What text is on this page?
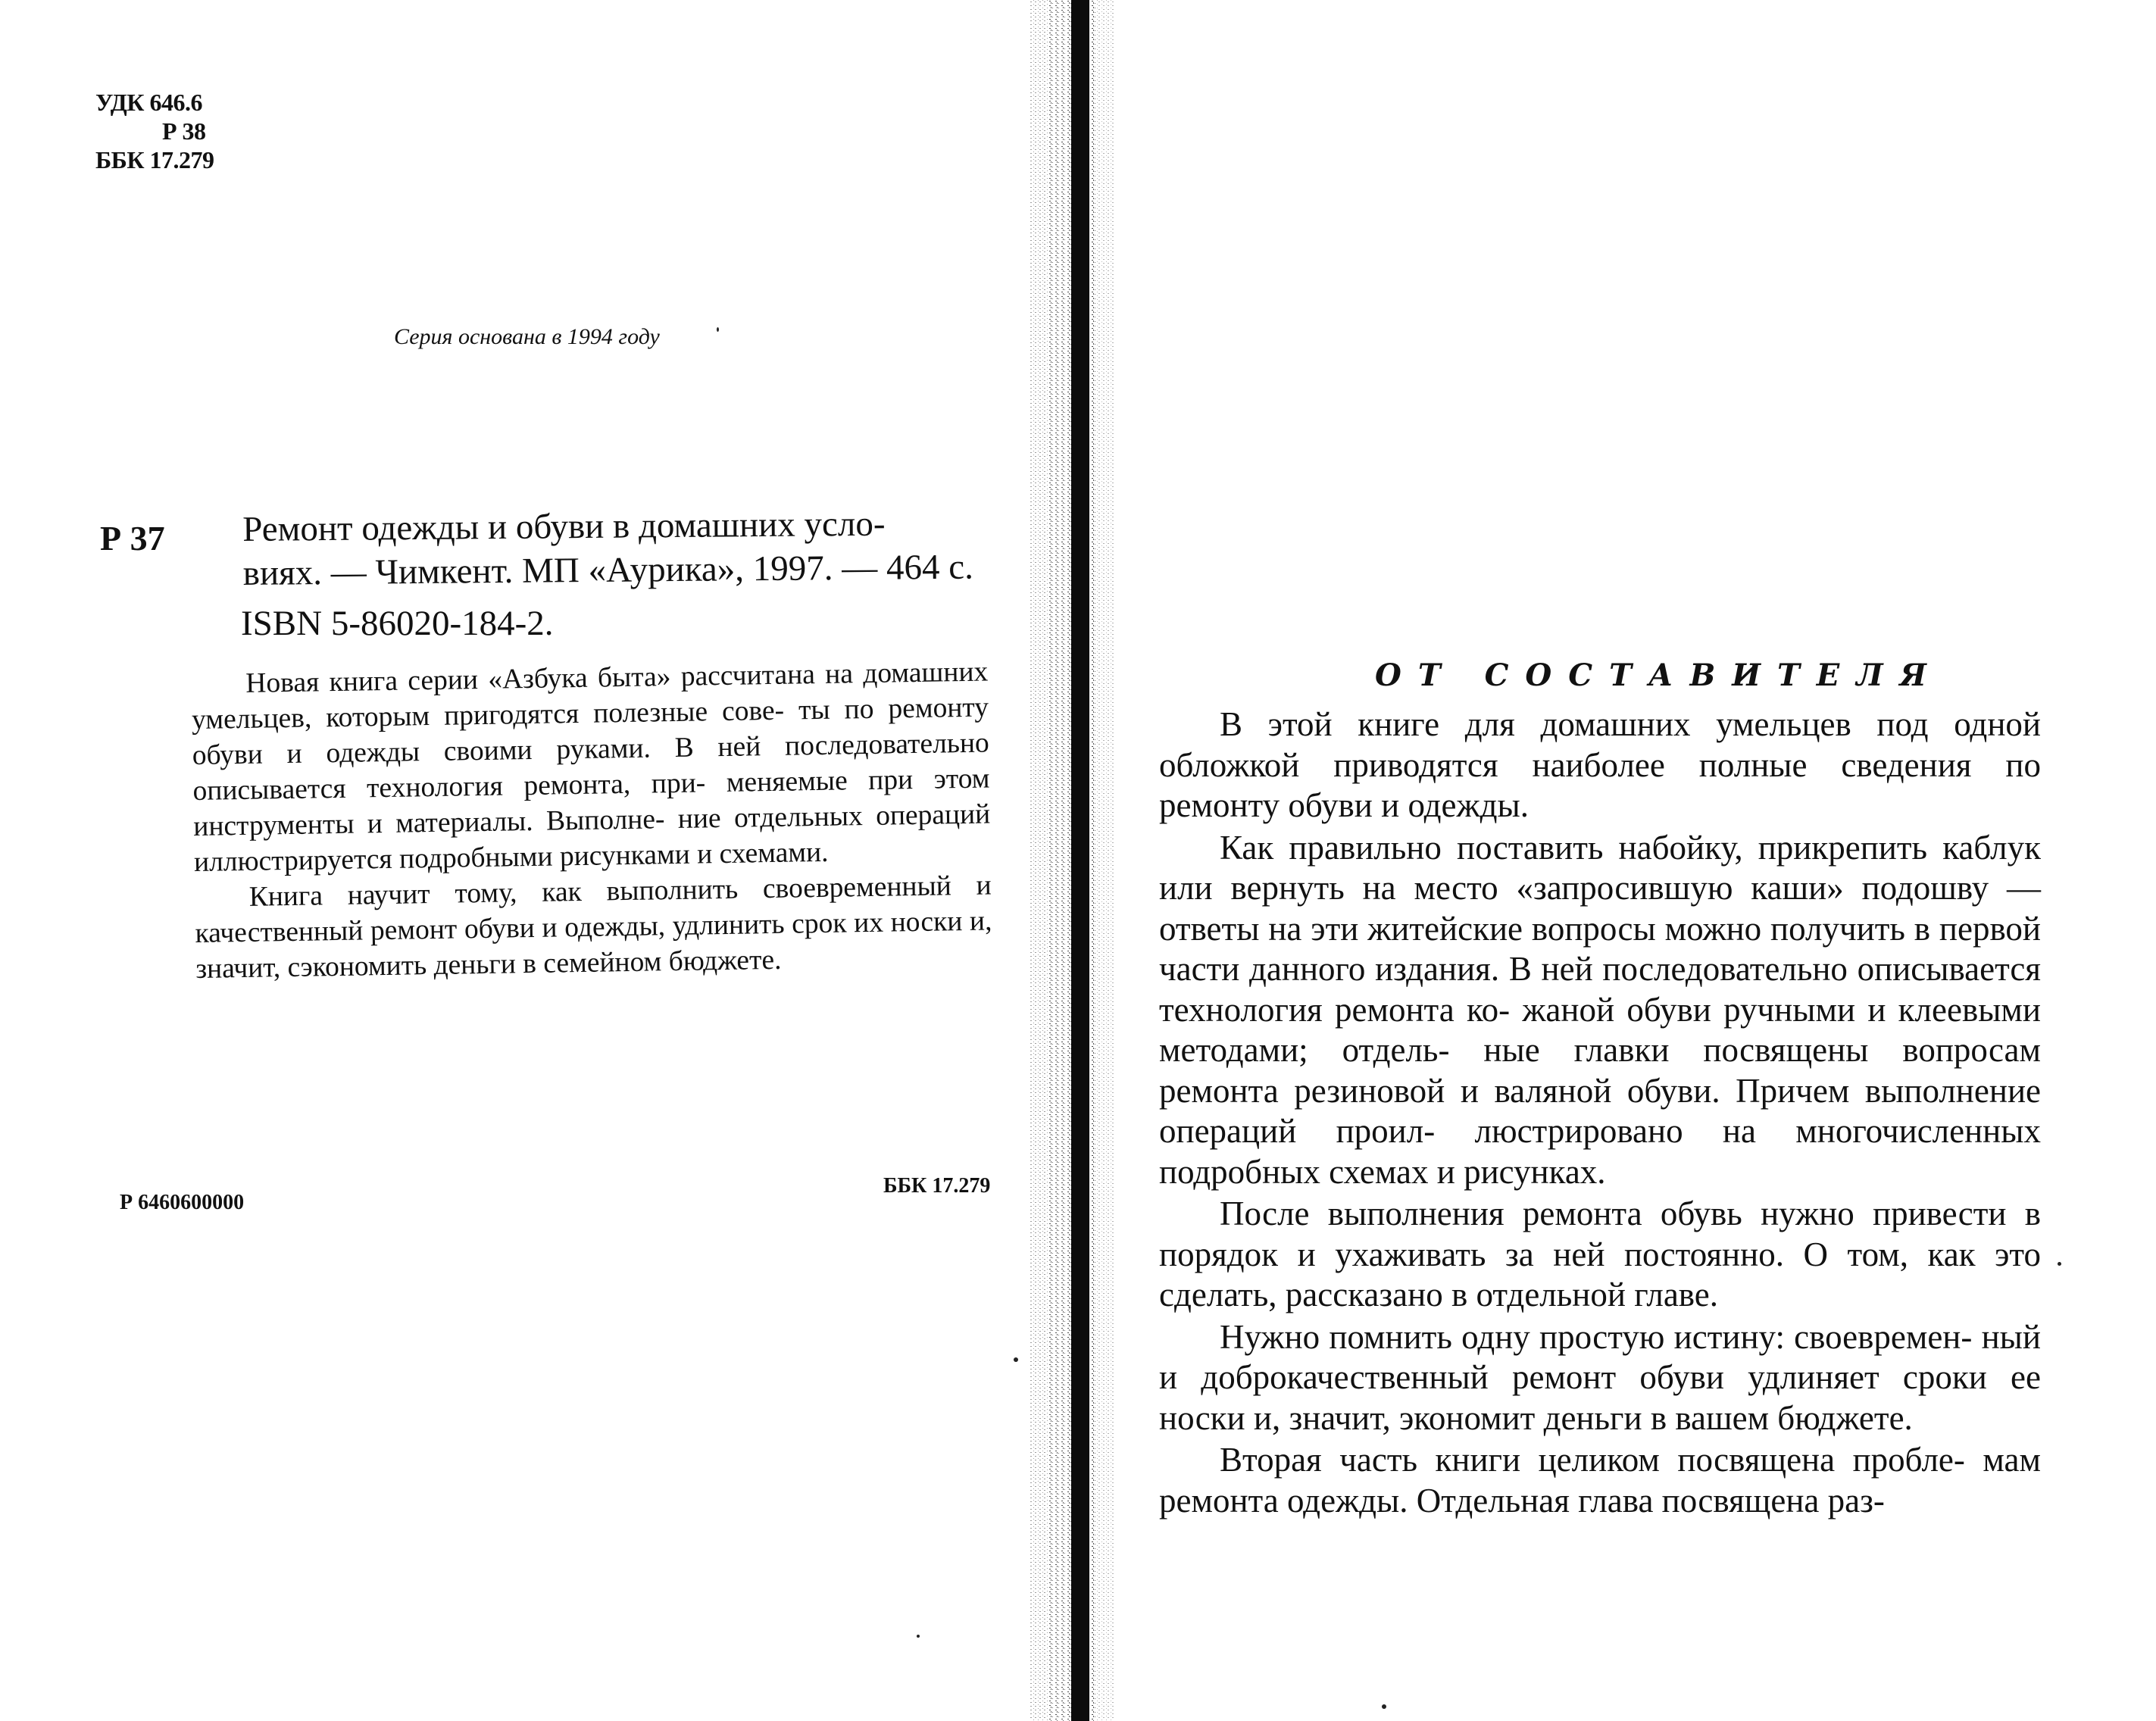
УДК 646.6
Р 38
ББК 17.279
Серия основана в 1994 году
Р 37 Ремонт одежды и обуви в домашних усло-
виях. — Чимкент. МП «Аурика», 1997. — 464 с.
ISBN 5-86020-184-2.

Новая книга серии «Азбука быта» рассчитана на домашних умельцев, которым пригодятся полезные сове- ты по ремонту обуви и одежды своими руками. В ней последовательно описывается технология ремонта, при- меняемые при этом инструменты и материалы. Выполне- ние отдельных операций иллюстрируется подробными рисунками и схемами.

Книга научит тому, как выполнить своевременный и качественный ремонт обуви и одежды, удлинить срок их носки и, значит, сэкономить деньги в семейном бюджете.

Р 6460600000
ББК 17.279
ОТ СОСТАВИТЕЛЯ

В этой книге для домашних умельцев под одной обложкой приводятся наиболее полные сведения по ремонту обуви и одежды.

Как правильно поставить набойку, прикрепить каблук или вернуть на место «запросившую каши» подошву — ответы на эти житейские вопросы можно получить в первой части данного издания. В ней последовательно описывается технология ремонта ко- жаной обуви ручными и клеевыми методами; отдель- ные главки посвящены вопросам ремонта резиновой и валяной обуви. Причем выполнение операций проил- люстрировано на многочисленных подробных схемах и рисунках.

После выполнения ремонта обувь нужно привести в порядок и ухаживать за ней постоянно. О том, как это сделать, рассказано в отдельной главе.

Нужно помнить одну простую истину: своевремен- ный и доброкачественный ремонт обуви удлиняет сроки ее носки и, значит, экономит деньги в вашем бюджете.

Вторая часть книги целиком посвящена пробле- мам ремонта одежды. Отдельная глава посвящена раз-
